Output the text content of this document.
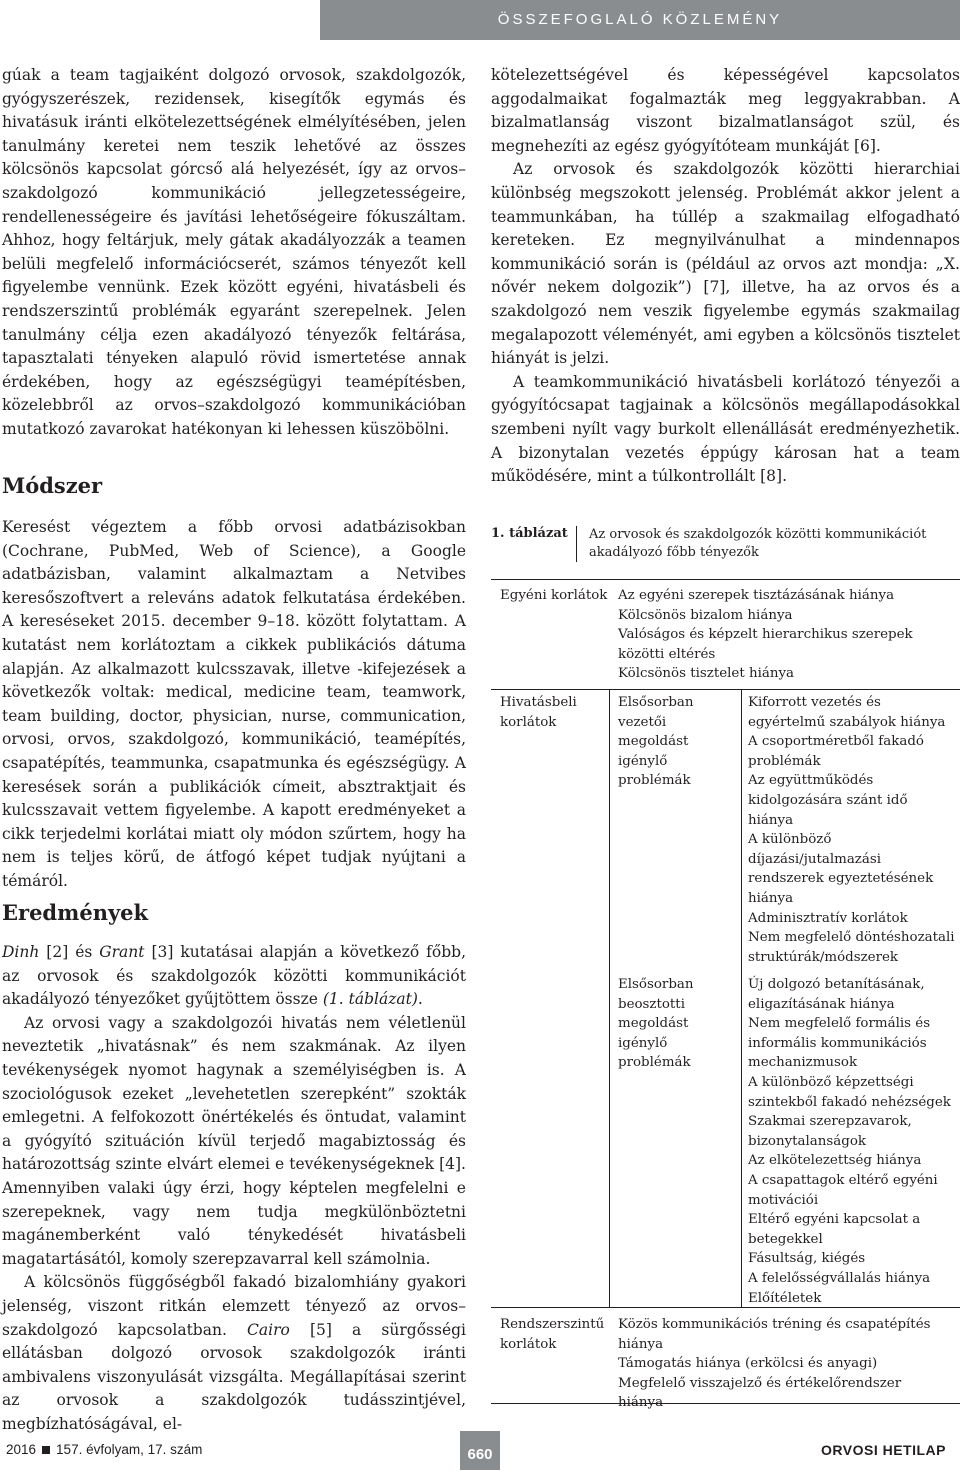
ÖSSZEFOGLALÓ KÖZLEMÉNY

gúak a team tagjaiként dolgozó orvosok, szakdolgozók, gyógyszerészek, rezidensek, kisegítők egymás és hivatásuk iránti elkötelezettségének elmélyítésében, jelen tanulmány keretei nem teszik lehetővé az összes kölcsönös kapcsolat górcső alá helyezését, így az orvos–szakdolgozó kommunikáció jellegzetességeire, rendellenességeire és javítási lehetőségeire fókuszáltam. Ahhoz, hogy feltárjuk, mely gátak akadályozzák a teamen belüli megfelelő információcserét, számos tényezőt kell figyelembe vennünk. Ezek között egyéni, hivatásbeli és rendszerszintű problémák egyaránt szerepelnek. Jelen tanulmány célja ezen akadályozó tényezők feltárása, tapasztalati tényeken alapuló rövid ismertetése annak érdekében, hogy az egészségügyi teamépítésben, közelebbről az orvos–szakdolgozó kommunikációban mutatkozó zavarokat hatékonyan ki lehessen küszöbölni.

Módszer

Keresést végeztem a főbb orvosi adatbázisokban (Cochrane, PubMed, Web of Science), a Google adatbázisban, valamint alkalmaztam a Netvibes keresőszoftvert a releváns adatok felkutatása érdekében. A kereséseket 2015. december 9–18. között folytattam. A kutatást nem korlátoztam a cikkek publikációs dátuma alapján. Az alkalmazott kulcsszavak, illetve -kifejezések a következők voltak: medical, medicine team, teamwork, team building, doctor, physician, nurse, communication, orvosi, orvos, szakdolgozó, kommunikáció, teamépítés, csapatépítés, teammunka, csapatmunka és egészségügy. A keresések során a publikációk címeit, absztraktjait és kulcsszavait vettem figyelembe. A kapott eredményeket a cikk terjedelmi korlátai miatt oly módon szűrtem, hogy ha nem is teljes körű, de átfogó képet tudjak nyújtani a témáról.

Eredmények

Dinh [2] és Grant [3] kutatásai alapján a következő főbb, az orvosok és szakdolgozók közötti kommunikációt akadályozó tényezőket gyűjtöttem össze (1. táblázat).

Az orvosi vagy a szakdolgozói hivatás nem véletlenül neveztetik „hivatásnak” és nem szakmának. Az ilyen tevékenységek nyomot hagynak a személyiségben is. A szociológusok ezeket „levehetetlen szerepként” szokták emlegetni. A felfokozott önértékelés és öntudat, valamint a gyógyító szituáción kívül terjedő magabiztosság és határozottság szinte elvárt elemei e tevékenységeknek [4]. Amennyiben valaki úgy érzi, hogy képtelen megfelelni e szerepeknek, vagy nem tudja megkülönböztetni magánemberként való ténykedését hivatásbeli magatartásától, komoly szerepzavarral kell számolnia.

A kölcsönös függőségből fakadó bizalomhiány gyakori jelenség, viszont ritkán elemzett tényező az orvos–szakdolgozó kapcsolatban. Cairo [5] a sürgősségi ellátásban dolgozó orvosok szakdolgozók iránti ambivalens viszonyulását vizsgálta. Megállapításai szerint az orvosok a szakdolgozók tudásszintjével, megbízhatóságával, el-

kötelezettségével és képességével kapcsolatos aggodalmaikat fogalmazták meg leggyakrabban. A bizalmatlanság viszont bizalmatlanságot szül, és megnehezíti az egész gyógyítóteam munkáját [6].

Az orvosok és szakdolgozók közötti hierarchiai különbség megszokott jelenség. Problémát akkor jelent a teammunkában, ha túllép a szakmailag elfogadható kereteken. Ez megnyilvánulhat a mindennapos kommunikáció során is (például az orvos azt mondja: „X. nővér nekem dolgozik”) [7], illetve, ha az orvos és a szakdolgozó nem veszik figyelembe egymás szakmailag megalapozott véleményét, ami egyben a kölcsönös tisztelet hiányát is jelzi.

A teamkommunikáció hivatásbeli korlátozó tényezői a gyógyítócsapat tagjainak a kölcsönös megállapodásokkal szembeni nyílt vagy burkolt ellenállását eredményezhetik. A bizonytalan vezetés éppúgy károsan hat a team működésére, mint a túlkontrollált [8].

1. táblázat Az orvosok és szakdolgozók közötti kommunikációt akadályozó főbb tényezők
Egyéni korlátok Az egyéni szerepek tisztázásának hiánya
Kölcsönös bizalom hiánya
Valóságos és képzelt hierarchikus szerepek közötti eltérés
Kölcsönös tisztelet hiánya
Hivatásbeli korlátok
Elsősorban vezetői megoldást igénylő problémák
Kiforrott vezetés és egyértelmű szabályok hiánya
A csoportméretből fakadó problémák
Az együttműködés kidolgozására szánt idő hiánya
A különböző díjazási/jutalmazási rendszerek egyeztetésének hiánya
Adminisztratív korlátok
Nem megfelelő döntéshozatali struktúrák/módszerek
Elsősorban beosztotti megoldást igénylő problémák
Új dolgozó betanításának, eligazításának hiánya
Nem megfelelő formális és informális kommunikációs mechanizmusok
A különböző képzettségi szintekből fakadó nehézségek
Szakmai szerepzavarok, bizonytalanságok
Az elkötelezettség hiánya
A csapattagok eltérő egyéni motivációi
Eltérő egyéni kapcsolat a betegekkel
Fásultság, kiégés
A felelősségvállalás hiánya
Előítéletek
Rendszerszintű korlátok
Közös kommunikációs tréning és csapatépítés hiánya
Támogatás hiánya (erkölcsi és anyagi)
Megfelelő visszajelző és értékelőrendszer hiánya
2016 157. évfolyam, 17. szám	660	ORVOSI HETILAP
